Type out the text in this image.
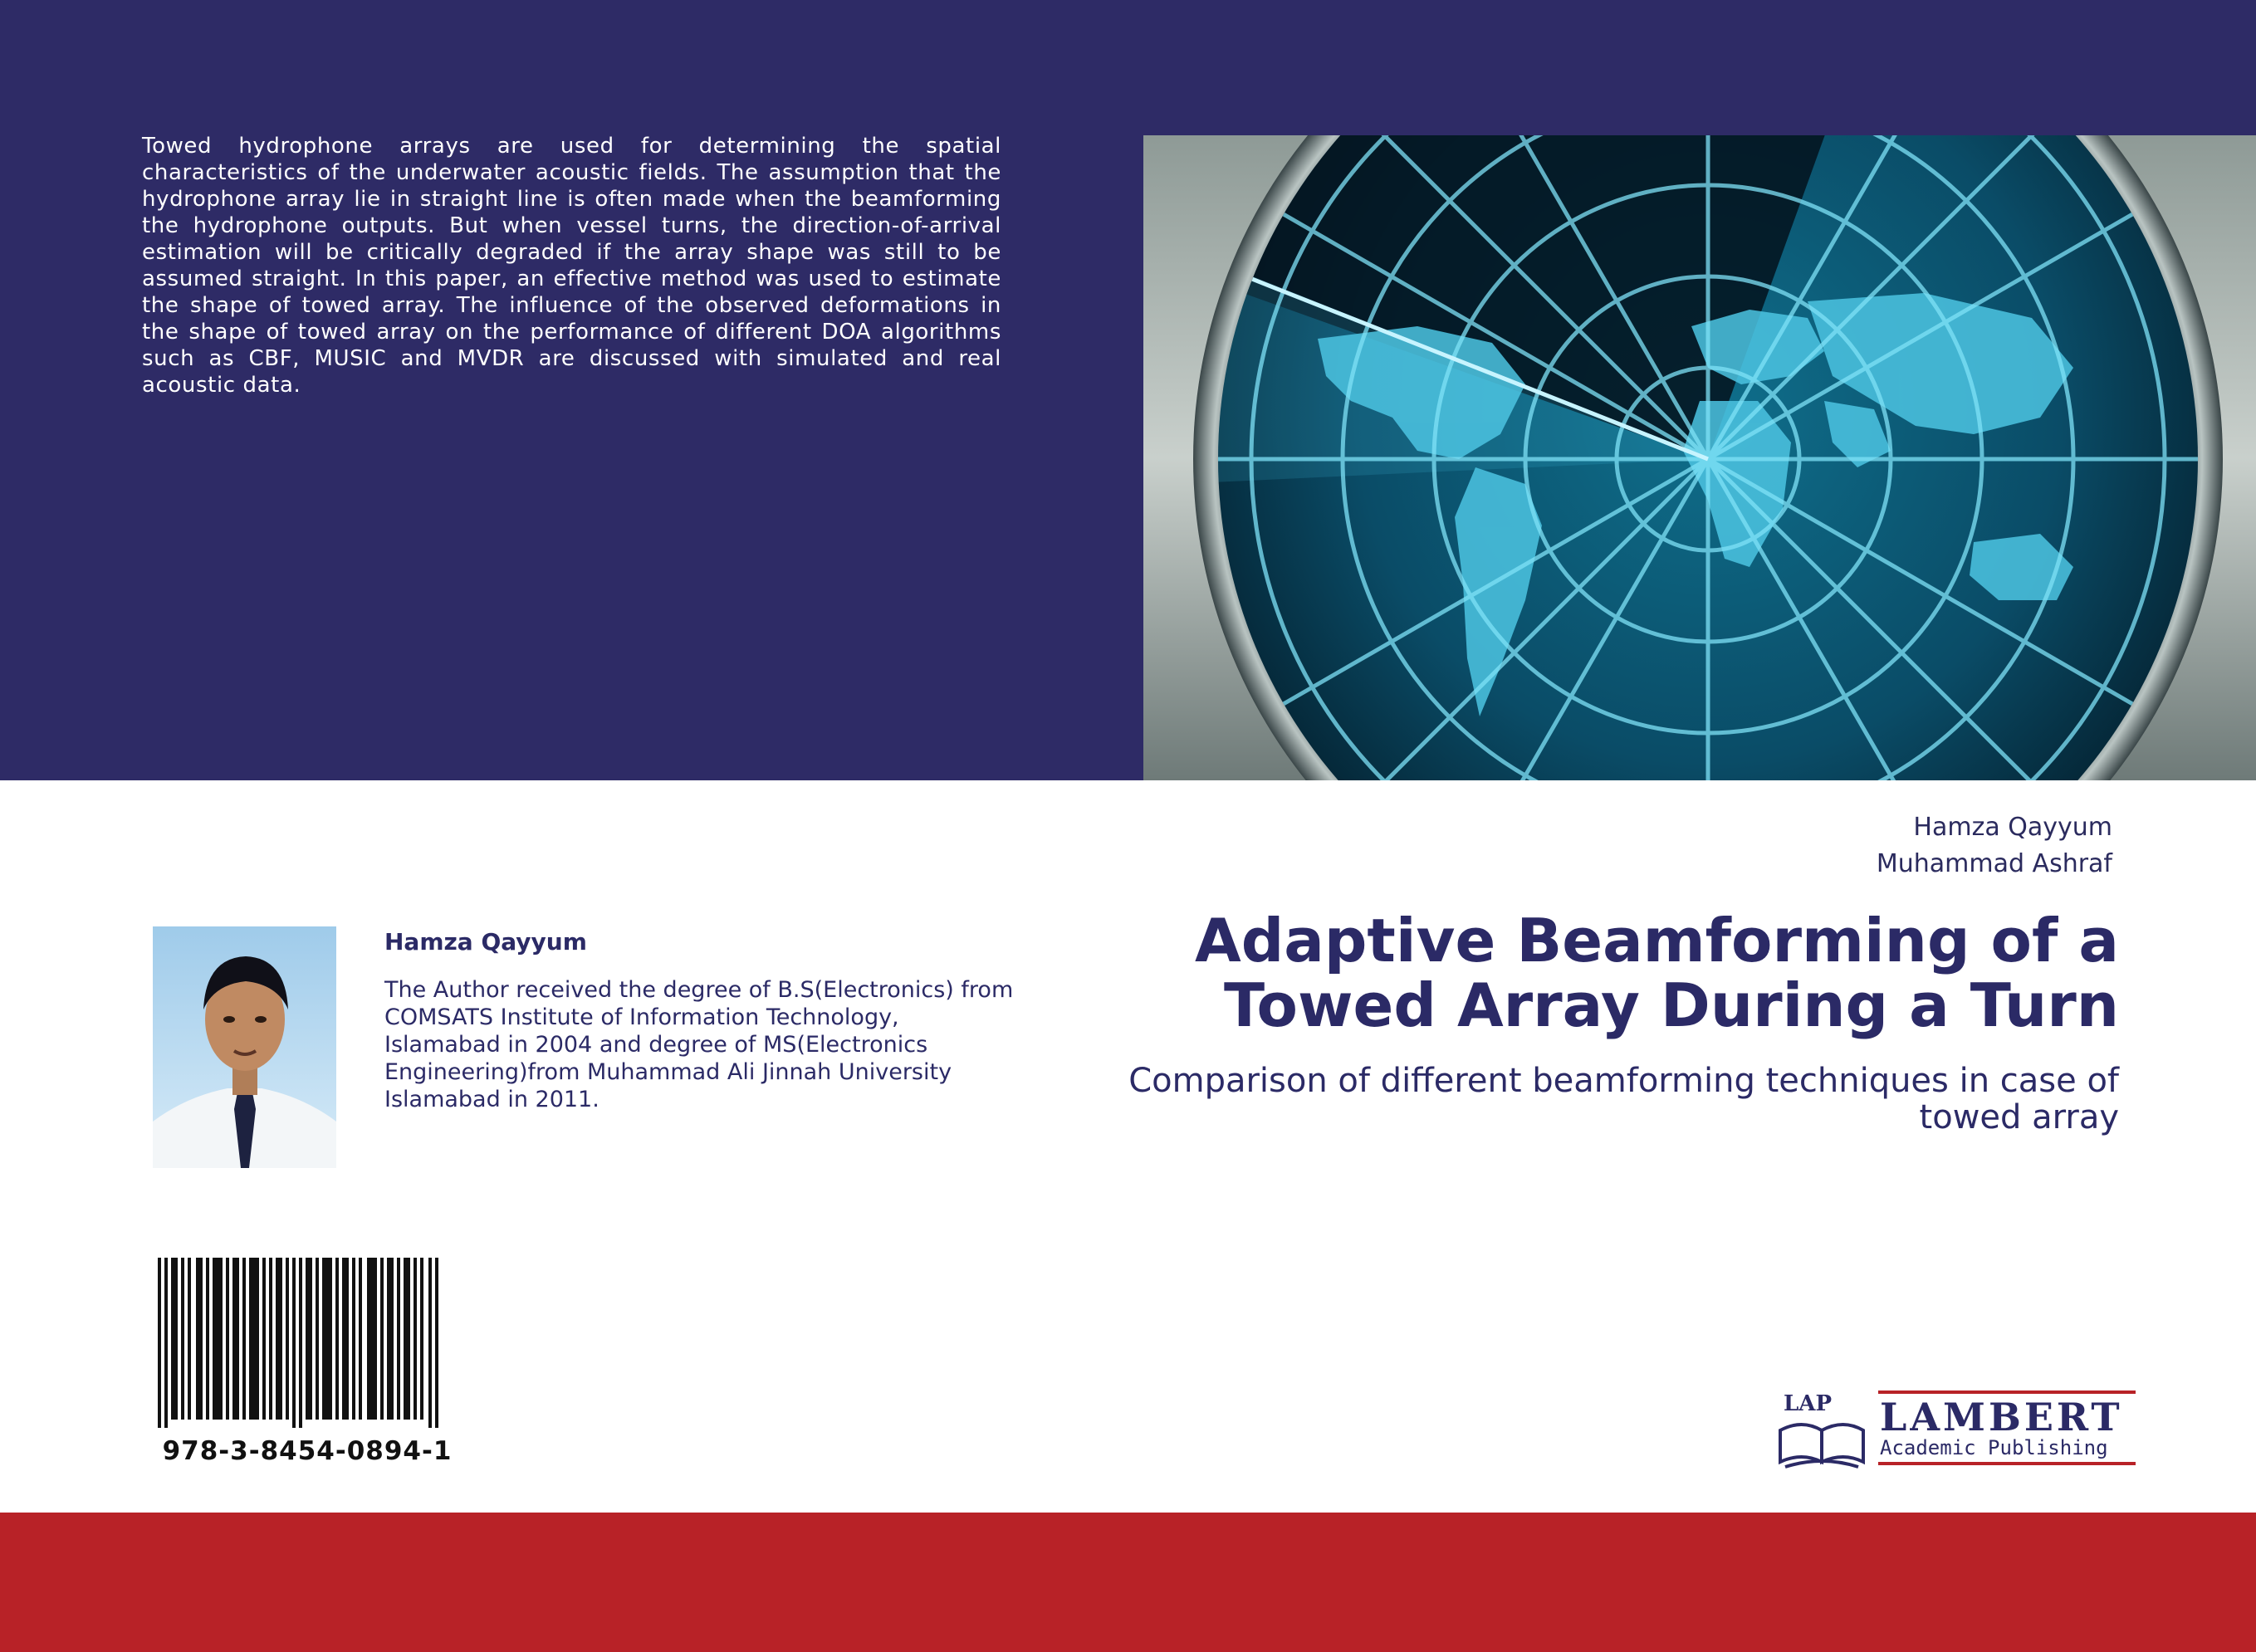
Towed hydrophone arrays are used for determining the spatial characteristics of the underwater acoustic fields. The assumption that the hydrophone array lie in straight line is often made when the beamforming the hydrophone outputs. But when vessel turns, the direction-of-arrival estimation will be critically degraded if the array shape was still to be assumed straight. In this paper, an effective method was used to estimate the shape of towed array. The influence of the observed deformations in the shape of towed array on the performance of different DOA algorithms such as CBF, MUSIC and MVDR are discussed with simulated and real acoustic data.
Hamza Qayyum
Muhammad Ashraf
Adaptive Beamforming of a Towed Array During a Turn
Comparison of different beamforming techniques in case of towed array
Hamza Qayyum
The Author received the degree of B.S(Electronics) from COMSATS Institute of Information Technology, Islamabad in 2004 and degree of MS(Electronics Engineering)from Muhammad Ali Jinnah University Islamabad in 2011.
978-3-8454-0894-1
LAP LAMBERT
Academic Publishing
